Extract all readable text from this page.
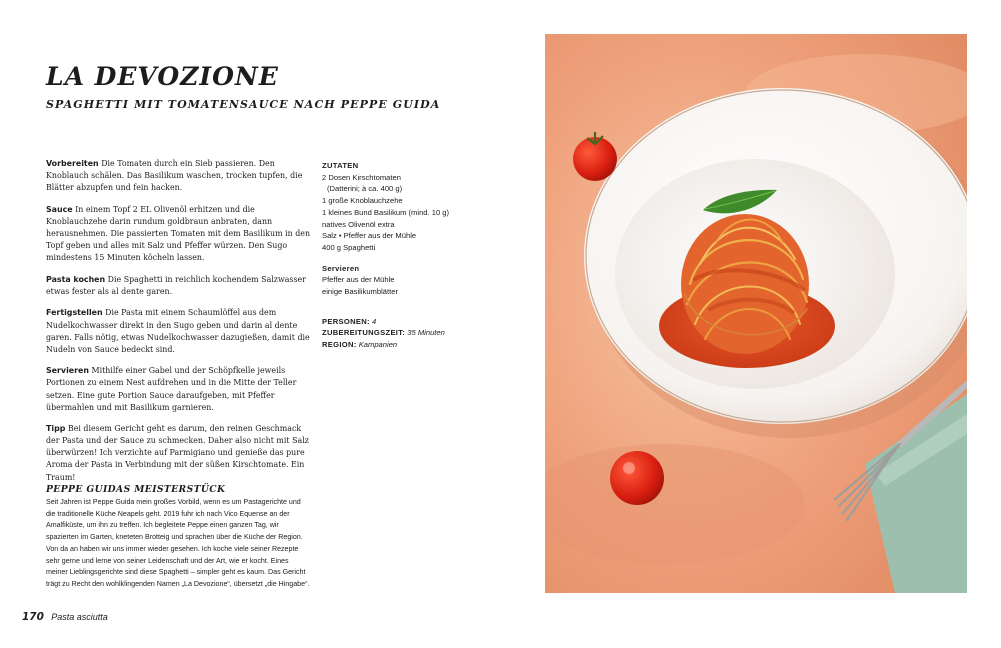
LA DEVOZIONE
SPAGHETTI MIT TOMATENSAUCE NACH PEPPE GUIDA

Vorbereiten Die Tomaten durch ein Sieb passieren. Den Knoblauch schälen. Das Basilikum waschen, trocken tupfen, die Blätter abzupfen und fein hacken.

Sauce In einem Topf 2 EL Olivenöl erhitzen und die Knoblauchzehe darin rundum goldbraun anbraten, dann herausnehmen. Die passierten Tomaten mit dem Basilikum in den Topf geben und alles mit Salz und Pfeffer würzen. Den Sugo mindestens 15 Minuten köcheln lassen.

Pasta kochen Die Spaghetti in reichlich kochendem Salzwasser etwas fester als al dente garen.

Fertigstellen Die Pasta mit einem Schaumlöffel aus dem Nudelkochwasser direkt in den Sugo geben und darin al dente garen. Falls nötig, etwas Nudelkochwasser dazugießen, damit die Nudeln von Sauce bedeckt sind.

Servieren Mithilfe einer Gabel und der Schöpfkelle jeweils Portionen zu einem Nest aufdrehen und in die Mitte der Teller setzen. Eine gute Portion Sauce daraufgeben, mit Pfeffer übermahlen und mit Basilikum garnieren.

Tipp Bei diesem Gericht geht es darum, den reinen Geschmack der Pasta und der Sauce zu schmecken. Daher also nicht mit Salz überwürzen! Ich verzichte auf Parmigiano und genieße das pure Aroma der Pasta in Verbindung mit der süßen Kirschtomate. Ein Traum!

ZUTATEN
2 Dosen Kirschtomaten
(Datterini; à ca. 400 g)
1 große Knoblauchzehe
1 kleines Bund Basilikum (mind. 10 g)
natives Olivenöl extra
Salz • Pfeffer aus der Mühle
400 g Spaghetti
Servieren
Pfeffer aus der Mühle
einige Basilikumblätter
PERSONEN: 4
ZUBEREITUNGSZEIT: 35 Minuten
REGION: Kampanien
PEPPE GUIDAS MEISTERSTÜCK

Seit Jahren ist Peppe Guida mein großes Vorbild, wenn es um Pastagerichte und die traditionelle Küche Neapels geht. 2019 fuhr ich nach Vico Equense an der Amalfiküste, um ihn zu treffen. Ich begleitete Peppe einen ganzen Tag, wir spazierten im Garten, kneteten Brotteig und sprachen über die Küche der Region. Von da an haben wir uns immer wieder gesehen. Ich koche viele seiner Rezepte sehr gerne und lerne von seiner Leidenschaft und der Art, wie er kocht. Eines meiner Lieblingsgerichte sind diese Spaghetti – simpler geht es kaum. Das Gericht trägt zu Recht den wohlklingenden Namen „La Devozione“, übersetzt „die Hingabe“.

170 Pasta asciutta
